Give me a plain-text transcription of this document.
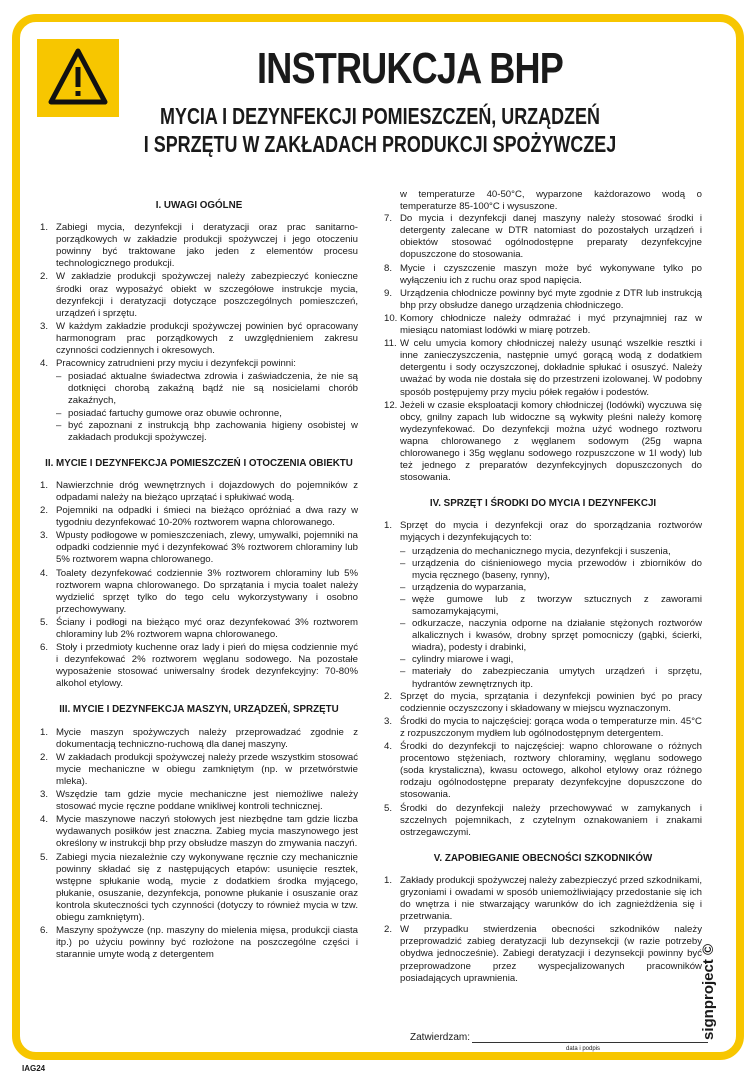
INSTRUKCJA BHP
MYCIA I DEZYNFEKCJI POMIESZCZEŃ, URZĄDZEŃ
I SPRZĘTU W ZAKŁADACH PRODUKCJI SPOŻYWCZEJ
I. UWAGI OGÓLNE
1. Zabiegi mycia, dezynfekcji i deratyzacji oraz prac sanitarno-porządkowych w zakładzie produkcji spożywczej i jego otoczeniu powinny być traktowane jako jeden z elementów procesu technologicznego produkcji.
2. W zakładzie produkcji spożywczej należy zabezpieczyć konieczne środki oraz wyposażyć obiekt w szczegółowe instrukcje mycia, dezynfekcji i deratyzacji dotyczące poszczególnych pomieszczeń, urządzeń i sprzętu.
3. W każdym zakładzie produkcji spożywczej powinien być opracowany harmonogram prac porządkowych z uwzględnieniem zakresu czynności codziennych i okresowych.
4. Pracownicy zatrudnieni przy myciu i dezynfekcji powinni:
– posiadać aktualne świadectwa zdrowia i zaświadczenia, że nie są dotknięci chorobą zakaźną bądź nie są nosicielami chorób zakaźnych,
– posiadać fartuchy gumowe oraz obuwie ochronne,
– być zapoznani z instrukcją bhp zachowania higieny osobistej w zakładach produkcji spożywczej.
II. MYCIE I DEZYNFEKCJA POMIESZCZEŃ I OTOCZENIA OBIEKTU
1. Nawierzchnie dróg wewnętrznych i dojazdowych do pojemników z odpadami należy na bieżąco uprzątać i spłukiwać wodą.
2. Pojemniki na odpadki i śmieci na bieżąco opróżniać a dwa razy w tygodniu dezynfekować 10-20% roztworem wapna chlorowanego.
3. Wpusty podłogowe w pomieszczeniach, zlewy, umywalki, pojemniki na odpadki codziennie myć i dezynfekować 3% roztworem chloraminy lub 5% roztworem wapna chlorowanego.
4. Toalety dezynfekować codziennie 3% roztworem chloraminy lub 5% roztworem wapna chlorowanego. Do sprzątania i mycia toalet należy wydzielić sprzęt tylko do tego celu wykorzystywany i osobno przechowywany.
5. Ściany i podłogi na bieżąco myć oraz dezynfekować 3% roztworem chloraminy lub 2% roztworem wapna chlorowanego.
6. Stoły i przedmioty kuchenne oraz lady i pień do mięsa codziennie myć i dezynfekować 2% roztworem węglanu sodowego. Na pozostałe wyposażenie stosować uniwersalny środek dezynfekcyjny: 70-80% alkohol etylowy.
III. MYCIE I DEZYNFEKCJA MASZYN, URZĄDZEŃ, SPRZĘTU
1. Mycie maszyn spożywczych należy przeprowadzać zgodnie z dokumentacją techniczno-ruchową dla danej maszyny.
2. W zakładach produkcji spożywczej należy przede wszystkim stosować mycie mechaniczne w obiegu zamkniętym (np. w przetwórstwie mleka).
3. Wszędzie tam gdzie mycie mechaniczne jest niemożliwe należy stosować mycie ręczne poddane wnikliwej kontroli technicznej.
4. Mycie maszynowe naczyń stołowych jest niezbędne tam gdzie liczba wydawanych posiłków jest znaczna. Zabieg mycia maszynowego jest określony w instrukcji bhp przy obsłudze maszyn do zmywania naczyń.
5. Zabiegi mycia niezależnie czy wykonywane ręcznie czy mechanicznie powinny składać się z następujących etapów: usunięcie resztek, wstępne spłukanie wodą, mycie z dodatkiem środka myjącego, płukanie, osuszanie, dezynfekcja, ponowne płukanie i osuszanie oraz kontrola skuteczności tych czynności (dotyczy to również mycia w tzw. obiegu zamkniętym).
6. Maszyny spożywcze (np. maszyny do mielenia mięsa, produkcji ciasta itp.) po użyciu powinny być rozłożone na poszczególne części i starannie umyte wodą z detergentem
w temperaturze 40-50°C, wyparzone każdorazowo wodą o temperaturze 85-100°C i wysuszone.
7. Do mycia i dezynfekcji danej maszyny należy stosować środki i detergenty zalecane w DTR natomiast do pozostałych urządzeń i obiektów stosować ogólnodostępne preparaty dezynfekcyjne dopuszczone do stosowania.
8. Mycie i czyszczenie maszyn może być wykonywane tylko po wyłączeniu ich z ruchu oraz spod napięcia.
9. Urządzenia chłodnicze powinny być myte zgodnie z DTR lub instrukcją bhp przy obsłudze danego urządzenia chłodniczego.
10. Komory chłodnicze należy odmrażać i myć przynajmniej raz w miesiącu natomiast lodówki w miarę potrzeb.
11. W celu umycia komory chłodniczej należy usunąć wszelkie resztki i inne zanieczyszczenia, następnie umyć gorącą wodą z dodatkiem detergentu i sody oczyszczonej, dokładnie spłukać i osuszyć. Należy uważać by woda nie dostała się do przestrzeni izolowanej. W podobny sposób postępujemy przy myciu półek regałów i podestów.
12. Jeżeli w czasie eksploatacji komory chłodniczej (lodówki) wyczuwa się obcy, gnilny zapach lub widoczne są wykwity pleśni należy komorę wydezynfekować. Do dezynfekcji można użyć wodnego roztworu wapna chlorowanego z węglanem sodowym (25g wapna chlorowanego i 35g węglanu sodowego rozpuszczone w 1l wody) lub też jednego z preparatów dezynfekcyjnych dopuszczonych do stosowania.
IV. SPRZĘT I ŚRODKI DO MYCIA I DEZYNFEKCJI
1. Sprzęt do mycia i dezynfekcji oraz do sporządzania roztworów myjących i dezynfekujących to:
– urządzenia do mechanicznego mycia, dezynfekcji i suszenia,
– urządzenia do ciśnieniowego mycia przewodów i zbiorników do mycia ręcznego (baseny, rynny),
– urządzenia do wyparzania,
– węże gumowe lub z tworzyw sztucznych z zaworami samozamykającymi,
– odkurzacze, naczynia odporne na działanie stężonych roztworów alkalicznych i kwasów, drobny sprzęt pomocniczy (gąbki, ścierki, wiadra), podesty i drabinki,
– cylindry miarowe i wagi,
– materiały do zabezpieczania umytych urządzeń i sprzętu, hydrantów zewnętrznych itp.
2. Sprzęt do mycia, sprzątania i dezynfekcji powinien być po pracy codziennie oczyszczony i składowany w miejscu wyznaczonym.
3. Środki do mycia to najczęściej: gorąca woda o temperaturze min. 45°C z rozpuszczonym mydłem lub ogólnodostępnym detergentem.
4. Środki do dezynfekcji to najczęściej: wapno chlorowane o różnych procentowo stężeniach, roztwory chloraminy, węglanu sodowego (soda krystaliczna), kwasu octowego, alkohol etylowy oraz różnego rodzaju ogólnodostępne preparaty dezynfekcyjne dopuszczone do stosowania.
5. Środki do dezynfekcji należy przechowywać w zamykanych i szczelnych pojemnikach, z czytelnym oznakowaniem i znakami ostrzegawczymi.
V. ZAPOBIEGANIE OBECNOŚCI SZKODNIKÓW
1. Zakłady produkcji spożywczej należy zabezpieczyć przed szkodnikami, gryzoniami i owadami w sposób uniemożliwiający przedostanie się ich do wnętrza i nie stwarzający warunków do ich zagnieżdżenia się i przetrwania.
2. W przypadku stwierdzenia obecności szkodników należy przeprowadzić zabieg deratyzacji lub dezynsekcji (w razie potrzeby obydwa jednocześnie). Zabiegi deratyzacji i dezynsekcji powinny być przeprowadzone przez wyspecjalizowanych pracowników posiadających uprawnienia.
Zatwierdzam:
data i podpis
IAG24
signproject ©
